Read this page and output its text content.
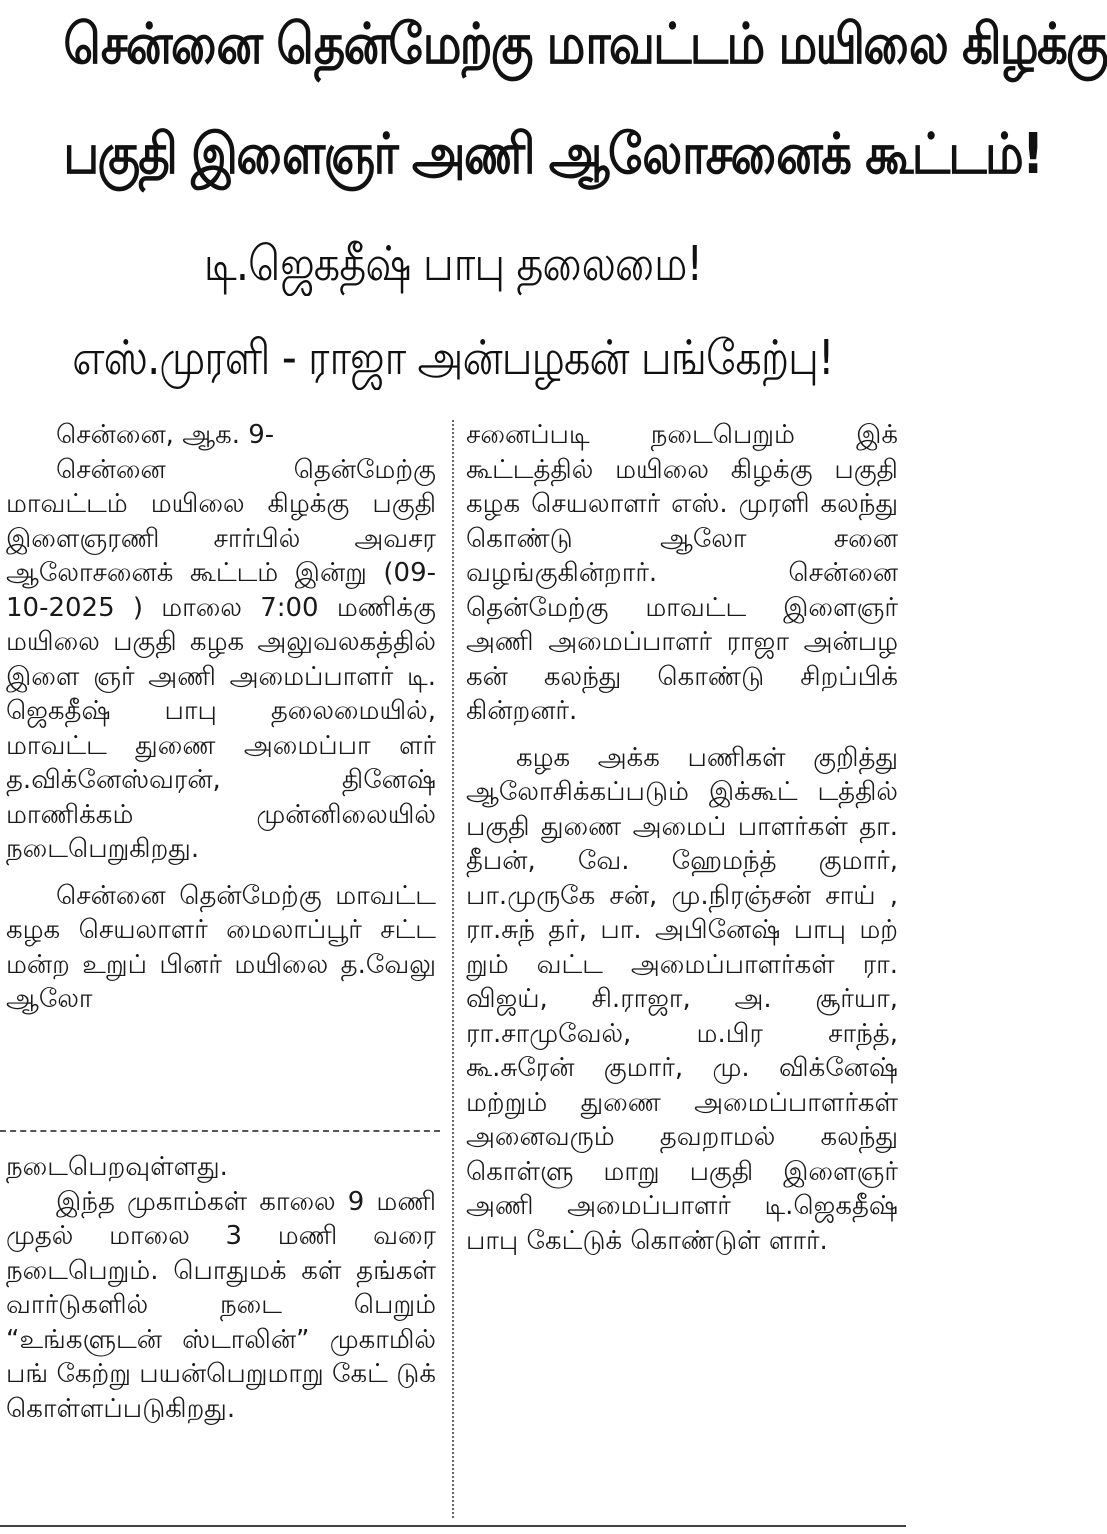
சென்னை தென்மேற்கு மாவட்டம் மயிலை கிழக்கு
பகுதி இளைஞர் அணி ஆலோசனைக் கூட்டம்!
டி.ஜெகதீஷ் பாபு தலைமை!
எஸ்.முரளி - ராஜா அன்பழகன் பங்கேற்பு!

சென்னை, ஆக. 9-

சென்னை தென்மேற்கு மாவட்டம் மயிலை கிழக்கு பகுதி இளைஞரணி சார்பில் அவசர ஆலோசனைக் கூட்டம் இன்று (09-10-2025 ) மாலை 7:00 மணிக்கு மயிலை பகுதி கழக அலுவலகத்தில் இளை ஞர் அணி அமைப்பாளர் டி. ஜெகதீஷ் பாபு தலைமையில், மாவட்ட துணை அமைப்பா ளர் த.விக்னேஸ்வரன், தினேஷ் மாணிக்கம் முன்னிலையில் நடைபெறுகிறது.

சென்னை தென்மேற்கு மாவட்ட கழக செயலாளர் மைலாப்பூர் சட்ட மன்ற உறுப் பினர் மயிலை த.வேலு ஆலோ

நடைபெறவுள்ளது.

இந்த முகாம்கள் காலை 9 மணி முதல் மாலை 3 மணி வரை நடைபெறும். பொதுமக் கள் தங்கள் வார்டுகளில் நடை பெறும் “உங்களுடன் ஸ்டாலின்” முகாமில் பங் கேற்று பயன்பெறுமாறு கேட் டுக் கொள்ளப்படுகிறது.

சனைப்படி நடைபெறும் இக் கூட்டத்தில் மயிலை கிழக்கு பகுதி கழக செயலாளர் எஸ். முரளி கலந்து கொண்டு ஆலோ சனை வழங்குகின்றார். சென்னை தென்மேற்கு மாவட்ட இளைஞர் அணி அமைப்பாளர் ராஜா அன்பழ கன் கலந்து கொண்டு சிறப்பிக் கின்றனர்.

கழக அக்க பணிகள் குறித்து ஆலோசிக்கப்படும் இக்கூட் டத்தில் பகுதி துணை அமைப் பாளர்கள் தா. தீபன், வே. ஹேமந்த் குமார், பா.முருகே சன், மு.நிரஞ்சன் சாய் , ரா.சுந் தர், பா. அபினேஷ் பாபு மற் றும் வட்ட அமைப்பாளர்கள் ரா. விஜய், சி.ராஜா, அ. சூர்யா, ரா.சாமுவேல், ம.பிர சாந்த், கூ.சுரேன் குமார், மு. விக்னேஷ் மற்றும் துணை அமைப்பாளர்கள் அனைவரும் தவறாமல் கலந்து கொள்ளு மாறு பகுதி இளைஞர் அணி அமைப்பாளர் டி.ஜெகதீஷ் பாபு கேட்டுக் கொண்டுள் ளார்.
